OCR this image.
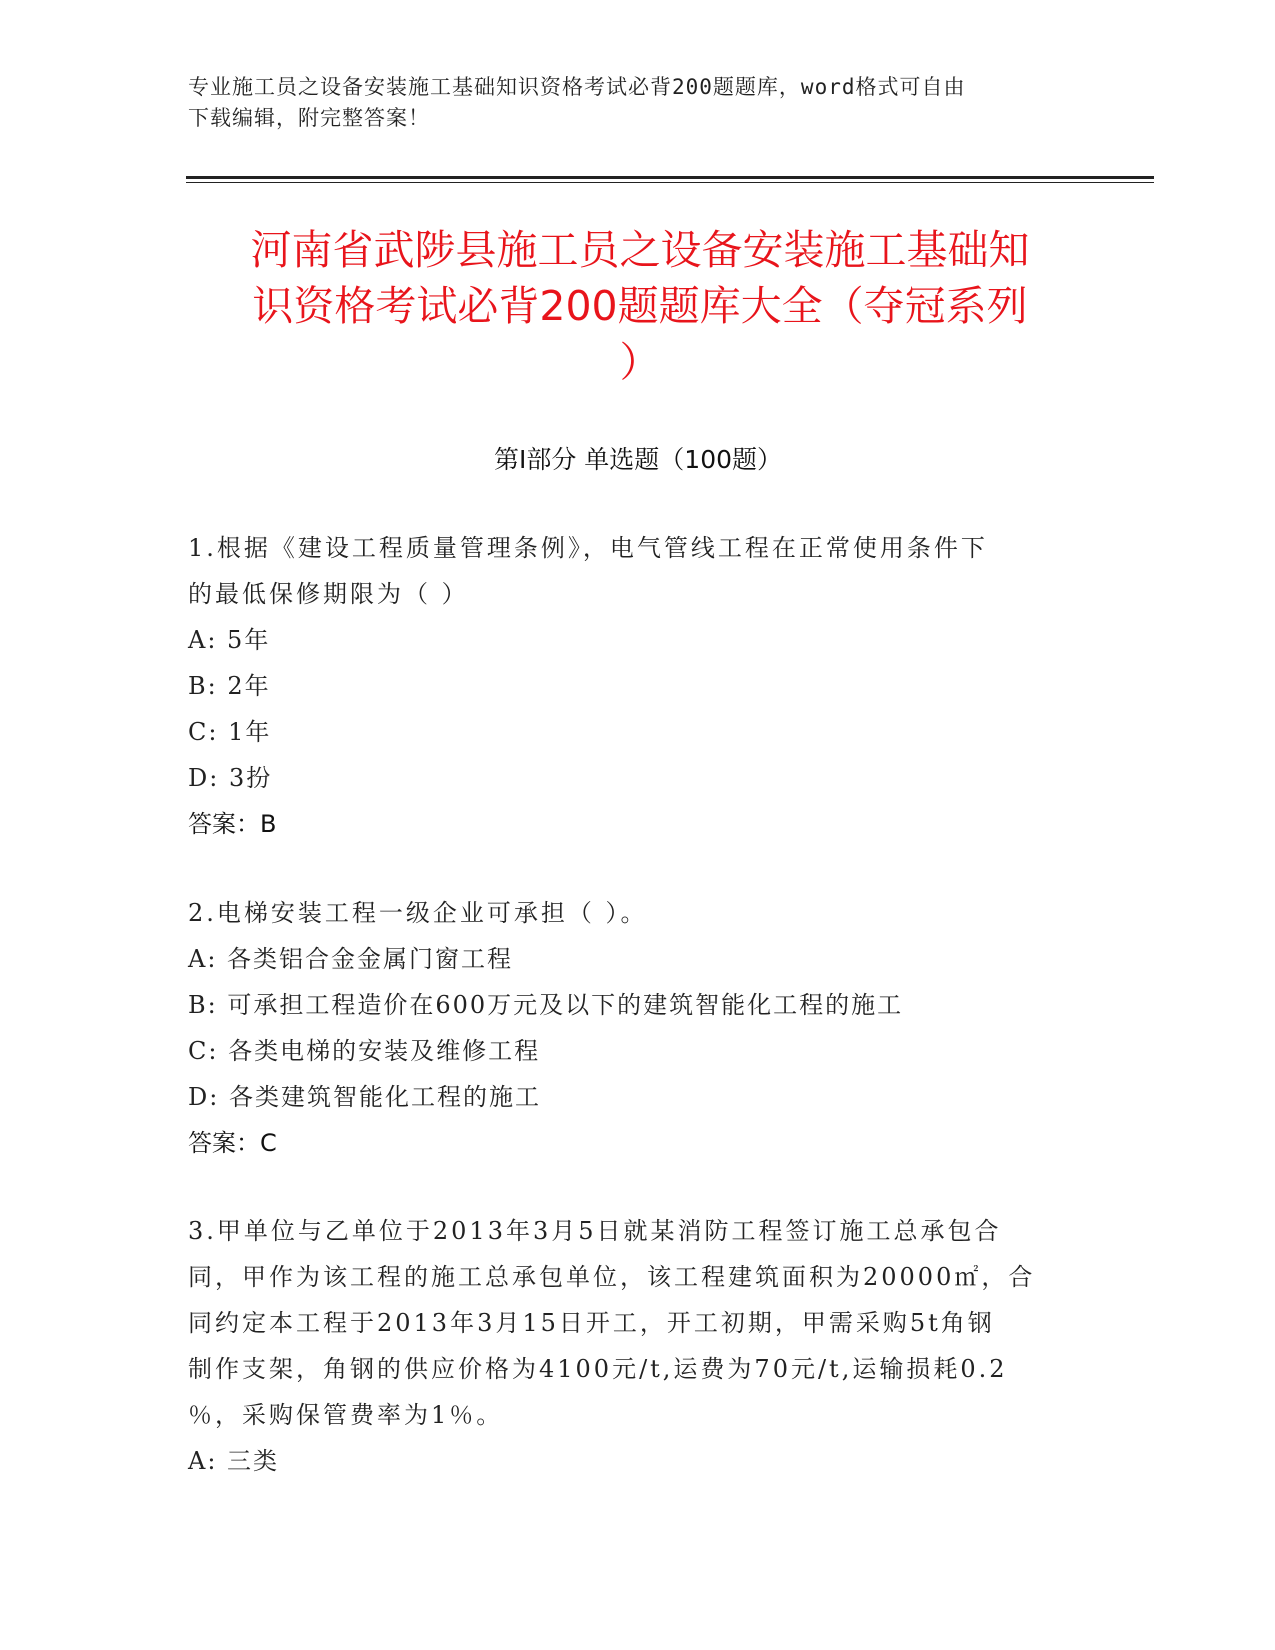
专业施工员之设备安装施工基础知识资格考试必背200题题库，word格式可自由
下载编辑，附完整答案！
河南省武陟县施工员之设备安装施工基础知
识资格考试必背200题题库大全（夺冠系列
）
第Ⅰ部分 单选题（100题）

1.根据《建设工程质量管理条例》，电气管线工程在正常使用条件下

的最低保修期限为（ ）

A: 5年

B: 2年

C: 1年

D: 3扮

答案：B

2.电梯安装工程一级企业可承担（ ）。

A: 各类铝合金金属门窗工程

B: 可承担工程造价在600万元及以下的建筑智能化工程的施工

C: 各类电梯的安装及维修工程

D: 各类建筑智能化工程的施工

答案：C

3.甲单位与乙单位于2013年3月5日就某消防工程签订施工总承包合

同，甲作为该工程的施工总承包单位，该工程建筑面积为20000㎡，合

同约定本工程于2013年3月15日开工，开工初期，甲需采购5t角钢

制作支架，角钢的供应价格为4100元/t,运费为70元/t,运输损耗0.2

％，采购保管费率为1％。

A: 三类
